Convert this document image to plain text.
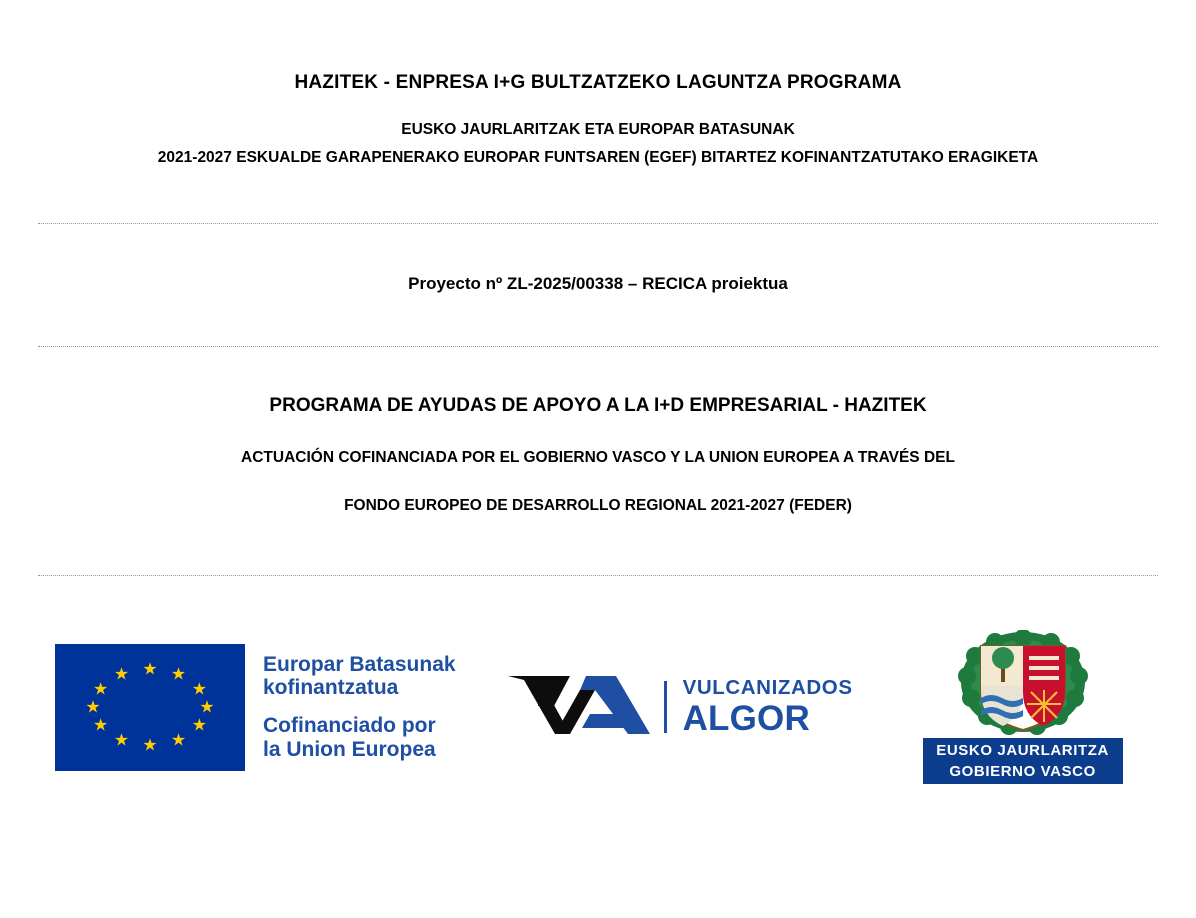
HAZITEK - ENPRESA I+G BULTZATZEKO LAGUNTZA PROGRAMA
EUSKO JAURLARITZAK ETA EUROPAR BATASUNAK
2021-2027 ESKUALDE GARAPENERAKO EUROPAR FUNTSAREN (EGEF) BITARTEZ KOFINANTZATUTAKO ERAGIKETA
Proyecto nº ZL-2025/00338 – RECICA proiektua
PROGRAMA DE AYUDAS DE APOYO A LA I+D EMPRESARIAL - HAZITEK
ACTUACIÓN COFINANCIADA POR EL GOBIERNO VASCO Y LA UNION EUROPEA A TRAVÉS DEL
FONDO EUROPEO DE DESARROLLO REGIONAL 2021-2027 (FEDER)
★ ★
★
★
★
★
★
★
★
★
★
★	Europar Batasunak
kofinantzatua
Cofinanciado por
la Union Europea
VULCANIZADOS
ALGOR
EUSKO JAURLARITZA
GOBIERNO VASCO
